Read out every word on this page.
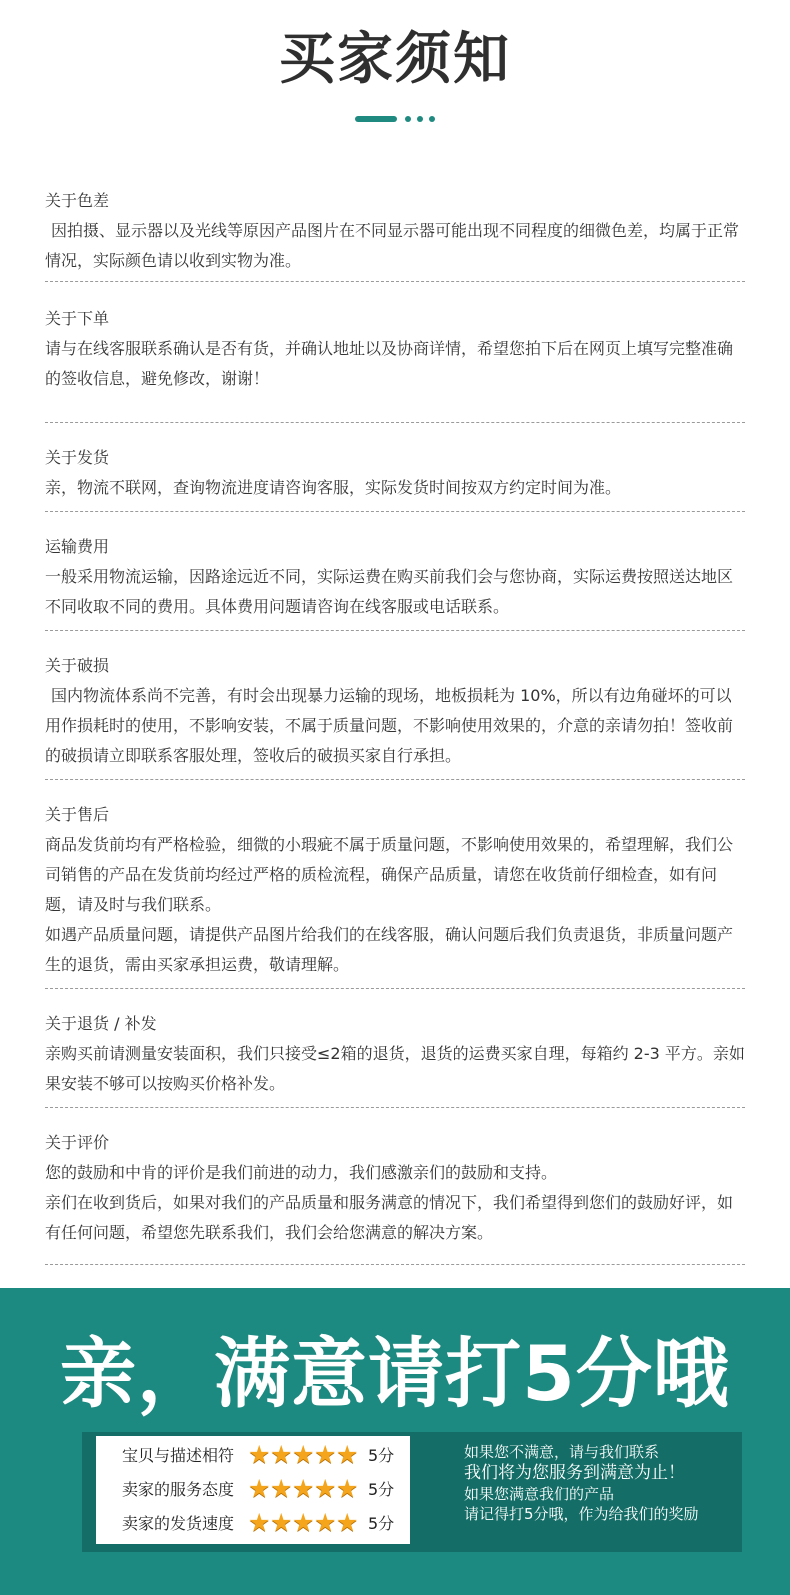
买家须知
关于色差

因拍摄、显示器以及光线等原因产品图片在不同显示器可能出现不同程度的细微色差，均属于正常情况，实际颜色请以收到实物为准。

关于下单

请与在线客服联系确认是否有货，并确认地址以及协商详情，希望您拍下后在网页上填写完整准确的签收信息，避免修改，谢谢！

关于发货

亲，物流不联网，查询物流进度请咨询客服，实际发货时间按双方约定时间为准。

运输费用

一般采用物流运输，因路途远近不同，实际运费在购买前我们会与您协商，实际运费按照送达地区不同收取不同的费用。具体费用问题请咨询在线客服或电话联系。

关于破损

国内物流体系尚不完善，有时会出现暴力运输的现场，地板损耗为 10%，所以有边角碰坏的可以用作损耗时的使用，不影响安装，不属于质量问题，不影响使用效果的，介意的亲请勿拍！签收前的破损请立即联系客服处理，签收后的破损买家自行承担。

关于售后

商品发货前均有严格检验，细微的小瑕疵不属于质量问题，不影响使用效果的，希望理解，我们公司销售的产品在发货前均经过严格的质检流程，确保产品质量，请您在收货前仔细检查，如有问题，请及时与我们联系。

如遇产品质量问题，请提供产品图片给我们的在线客服，确认问题后我们负责退货，非质量问题产生的退货，需由买家承担运费，敬请理解。

关于退货 / 补发

亲购买前请测量安装面积，我们只接受≤2箱的退货，退货的运费买家自理，每箱约 2-3 平方。亲如果安装不够可以按购买价格补发。

关于评价

您的鼓励和中肯的评价是我们前进的动力，我们感激亲们的鼓励和支持。

亲们在收到货后，如果对我们的产品质量和服务满意的情况下，我们希望得到您们的鼓励好评，如有任何问题，希望您先联系我们，我们会给您满意的解决方案。

亲，满意请打5分哦
宝贝与描述相符 ★ ★ ★ ★ ★ 5分
卖家的服务态度 ★ ★ ★ ★ ★ 5分
卖家的发货速度 ★ ★ ★ ★ ★ 5分
如果您不满意，请与我们联系
我们将为您服务到满意为止！
如果您满意我们的产品
请记得打5分哦，作为给我们的奖励
